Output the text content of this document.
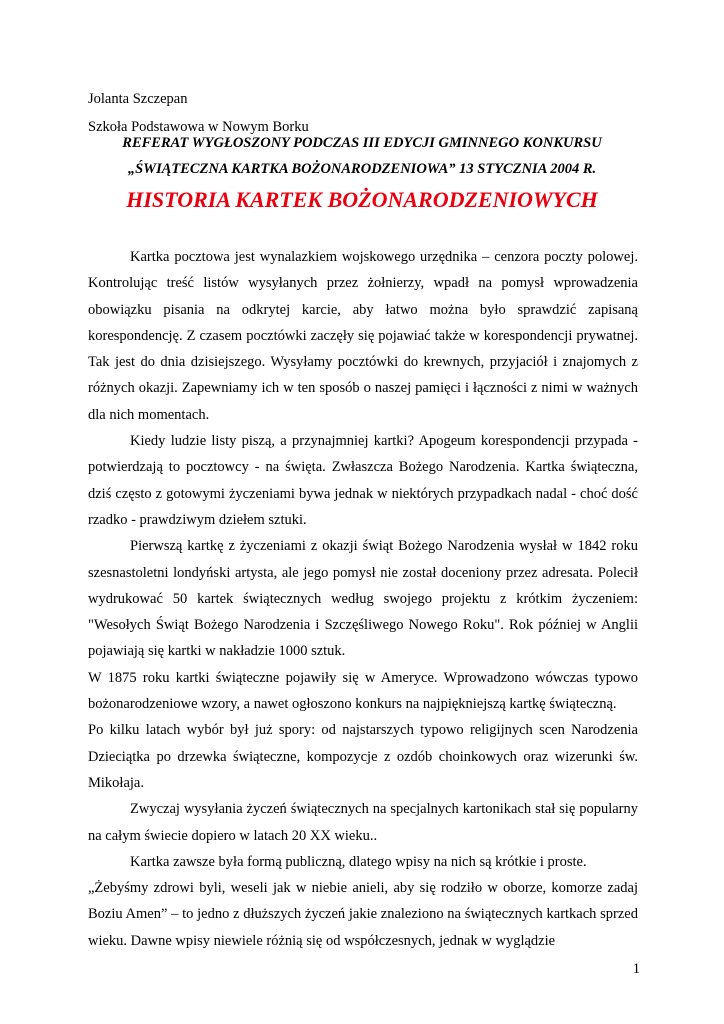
Jolanta Szczepan
Szkoła Podstawowa w Nowym Borku
REFERAT WYGŁOSZONY PODCZAS III EDYCJI GMINNEGO KONKURSU
„ŚWIĄTECZNA KARTKA BOŻONARODZENIOWA” 13 STYCZNIA 2004 R.
HISTORIA KARTEK BOŻONARODZENIOWYCH

Kartka pocztowa jest wynalazkiem wojskowego urzędnika – cenzora poczty polowej. Kontrolując treść listów wysyłanych przez żołnierzy, wpadł na pomysł wprowadzenia obowiązku pisania na odkrytej karcie, aby łatwo można było sprawdzić zapisaną korespondencję. Z czasem pocztówki zaczęły się pojawiać także w korespondencji prywatnej. Tak jest do dnia dzisiejszego. Wysyłamy pocztówki do krewnych, przyjaciół i znajomych z różnych okazji. Zapewniamy ich w ten sposób o naszej pamięci i łączności z nimi w ważnych dla nich momentach.

Kiedy ludzie listy piszą, a przynajmniej kartki? Apogeum korespondencji przypada - potwierdzają to pocztowcy - na święta. Zwłaszcza Bożego Narodzenia. Kartka świąteczna, dziś często z gotowymi życzeniami bywa jednak w niektórych przypadkach nadal - choć dość rzadko - prawdziwym dziełem sztuki.

Pierwszą kartkę z życzeniami z okazji świąt Bożego Narodzenia wysłał w 1842 roku szesnastoletni londyński artysta, ale jego pomysł nie został doceniony przez adresata. Polecił wydrukować 50 kartek świątecznych według swojego projektu z krótkim życzeniem: "Wesołych Świąt Bożego Narodzenia i Szczęśliwego Nowego Roku". Rok później w Anglii pojawiają się kartki w nakładzie 1000 sztuk.

W 1875 roku kartki świąteczne pojawiły się w Ameryce. Wprowadzono wówczas typowo bożonarodzeniowe wzory, a nawet ogłoszono konkurs na najpiękniejszą kartkę świąteczną.

Po kilku latach wybór był już spory: od najstarszych typowo religijnych scen Narodzenia Dzieciątka po drzewka świąteczne, kompozycje z ozdób choinkowych oraz wizerunki św. Mikołaja.

Zwyczaj wysyłania życzeń świątecznych na specjalnych kartonikach stał się popularny na całym świecie dopiero w latach 20 XX wieku..

Kartka zawsze była formą publiczną, dlatego wpisy na nich są krótkie i proste.

„Żebyśmy zdrowi byli, weseli jak w niebie anieli, aby się rodziło w oborze, komorze zadaj Boziu Amen” – to jedno z dłuższych życzeń jakie znaleziono na świątecznych kartkach sprzed wieku. Dawne wpisy niewiele różnią się od współczesnych, jednak w wyglądzie

1
